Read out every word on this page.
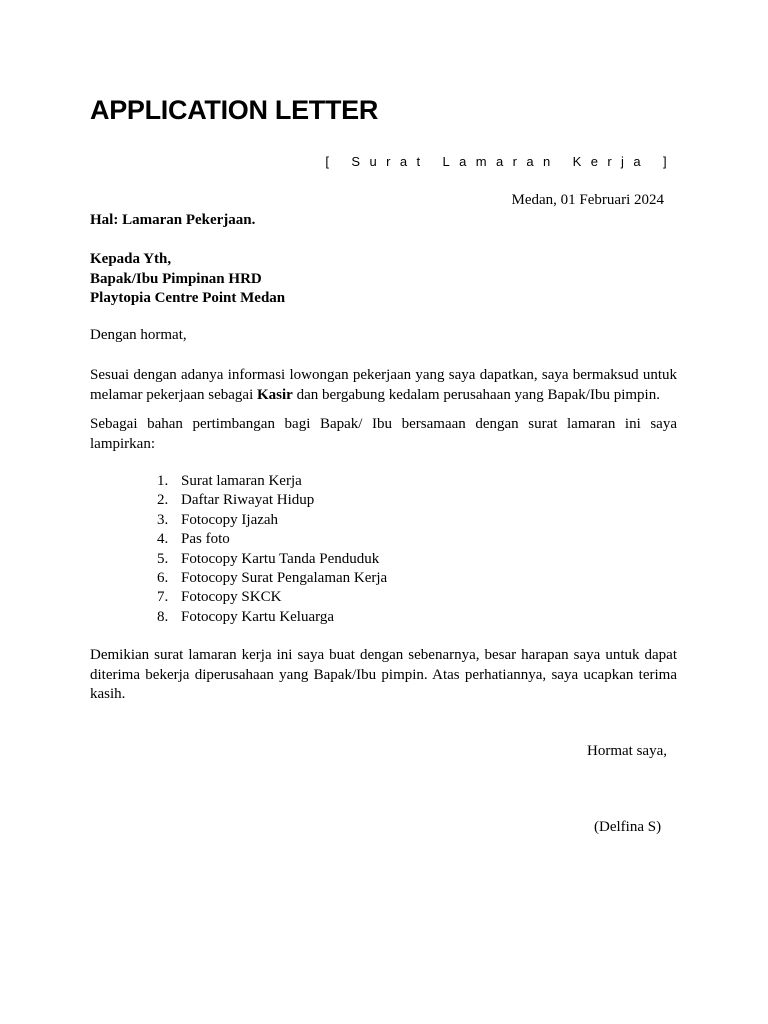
APPLICATION LETTER
[ Surat Lamaran Kerja ]
Medan, 01 Februari 2024
Hal: Lamaran Pekerjaan.
Kepada Yth,
Bapak/Ibu Pimpinan HRD
Playtopia Centre Point Medan
Dengan hormat,

Sesuai dengan adanya informasi lowongan pekerjaan yang saya dapatkan, saya bermaksud untuk melamar pekerjaan sebagai Kasir dan bergabung kedalam perusahaan yang Bapak/Ibu pimpin.

Sebagai bahan pertimbangan bagi Bapak/ Ibu bersamaan dengan surat lamaran ini saya lampirkan:

1. Surat lamaran Kerja
2. Daftar Riwayat Hidup
3. Fotocopy Ijazah
4. Pas foto
5. Fotocopy Kartu Tanda Penduduk
6. Fotocopy Surat Pengalaman Kerja
7. Fotocopy SKCK
8. Fotocopy Kartu Keluarga

Demikian surat lamaran kerja ini saya buat dengan sebenarnya, besar harapan saya untuk dapat diterima bekerja diperusahaan yang Bapak/Ibu pimpin. Atas perhatiannya, saya ucapkan terima kasih.

Hormat saya,
(Delfina S)
